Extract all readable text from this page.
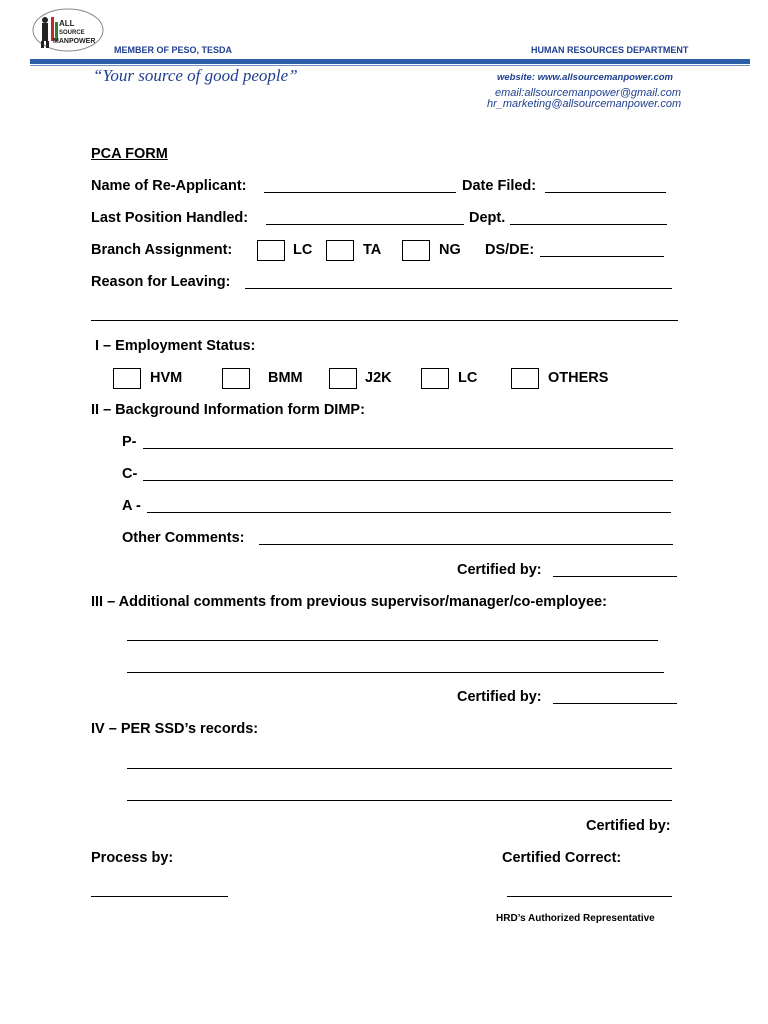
ALL
SOURCE
MANPOWER
MEMBER OF PESO, TESDA	HUMAN RESOURCES DEPARTMENT
“Your source of good people”	website: www.allsourcemanpower.com
email:allsourcemanpower@gmail.com
hr_marketing@allsourcemanpower.com
PCA FORM
Name of Re-Applicant:	Date Filed:
Last Position Handled:	Dept.
Branch Assignment:	LC	TA	NG DS/DE:
Reason for Leaving:
I – Employment Status:
HVM	BMM	J2K	LC	OTHERS
II – Background Information form DIMP:
P-
C-
A -
Other Comments:
Certified by:
III – Additional comments from previous supervisor/manager/co-employee:
Certified by:
IV – PER SSD’s records:
Certified by:
Process by:	Certified Correct:
HRD’s Authorized Representative
